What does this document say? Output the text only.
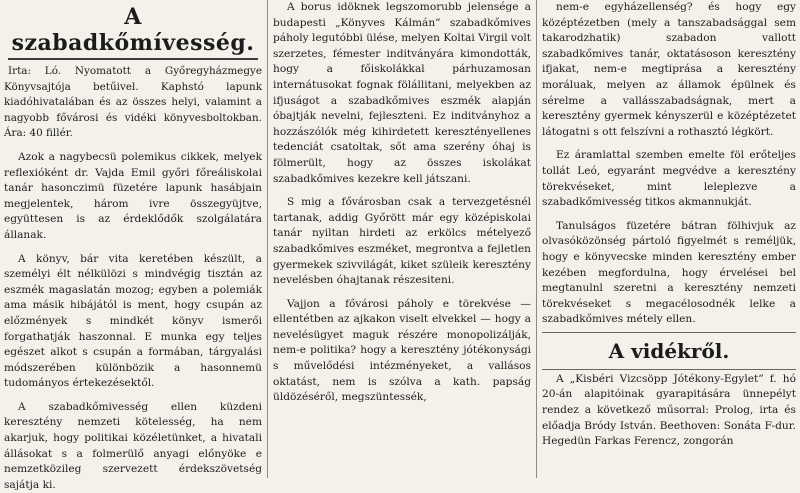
A szabadkőmívesség.

Irta: Ló. Nyomatott a Győregyházmegye Könyvsajtója betűivel. Kaphstó lapunk kiadóhivatalában és az összes helyi, valamint a nagyobb fővárosi és vidéki könyvesboltokban. Ára: 40 fillér.

Azok a nagybecsü polemikus cikkek, melyek reflexióként dr. Vajda Emil győri főreáliskolai tanár hasonczimü füzetére lapunk hasábjain megjelentek, három ivre összegyüjtve, együttesen is az érdeklődők szolgálatára állanak.

A könyv, bár vita keretében készült, a személyi élt nélkülözi s mindvégig tisztán az eszmék magaslatán mozog; egyben a polemiák ama másik hibájától is ment, hogy csupán az előzmények s mindkét könyv ismerői forgathatják haszonnal. E munka egy teljes egészet alkot s csupán a formában, tárgyalási módszerében különbözik a hasonnemü tudományos értekezésektől.

A szabadkőmivesség ellen küzdeni keresztény nemzeti kötelesség, ha nem akarjuk, hogy politikai közéletünket, a hivatali állásokat s a folmerülő anyagi előnyöke e nemzetközileg szervezett érdekszövetség sajátja ki.

A borus idöknek legszomorubb jelensége a budapesti „Könyves Kálmán” szabadkőmives páholy legutóbbi ülése, melyen Koltai Virgil volt szerzetes, fémester inditványára kimondották, hogy a főiskolákkal párhuzamosan internátusokat fognak fölállitani, melyekben az ifjuságot a szabadkőmives eszmék alapján óbajtják nevelni, fejleszteni. Ez inditványhoz a hozzászólók még kihirdetett keresztényellenes tedenciát csatoltak, sőt ama szerény óhaj is fölmerült, hogy az összes iskolákat szabadkőmives kezekre kell játszani.

S mig a fővárosban csak a tervezgetésnél tartanak, addig Győrött már egy középiskolai tanár nyiltan hirdeti az erkölcs mételyező szabadkőmives eszméket, megrontva a fejletlen gyermekek szivvilágát, kiket szüleik keresztény nevelésben óhajtanak részesiteni.

Vajjon a fővárosi páholy e törekvése — ellentétben az ajkakon viselt elvekkel — hogy a nevelésügyet maguk részére monopolizálják, nem-e politika? hogy a keresztény jótékonysági s művelődési intézményeket, a vallásos oktatást, nem is szólva a kath. papság üldözéséről, megszüntessék,

nem-e egyházellenség? és hogy egy középtézetben (mely a tanszabadsággal sem takarodzhatik) szabadon vallott szabadkőmives tanár, oktatásoson keresztény ifjakat, nem-e megtiprása a keresztény moráluak, melyen az államok épülnek és sérelme a vallásszabadságnak, mert a keresztény gyermek kényszerül e középtézetet látogatni s ott felszívni a rothasztó légkört.

Ez áramlattal szemben emelte föl erőteljes tollát Leó, egyaránt megvédve a keresztény törekvéseket, mint leleplezve a szabadkőmivesség titkos akmannukját.

Tanulságos füzetére bátran fölhivjuk az olvasóközönség pártoló figyelmét s reméljük, hogy e könyvecske minden keresztény ember kezében megfordulna, hogy érvelései bel megtanulnl szeretni a keresztény nemzeti törekvéseket s megacélosodnék lelke a szabadkőmives métely ellen.

A vidékről.

A „Kisbéri Vizcsöpp Jótékony-Egylet” f. hó 20-án alapitóinak gyarapitására ünnepélyt rendez a következő műsorral: Prolog, irta és előadja Bródy István. Beethoven: Sonáta F-dur. Hegedün Farkas Ferencz, zongorán
